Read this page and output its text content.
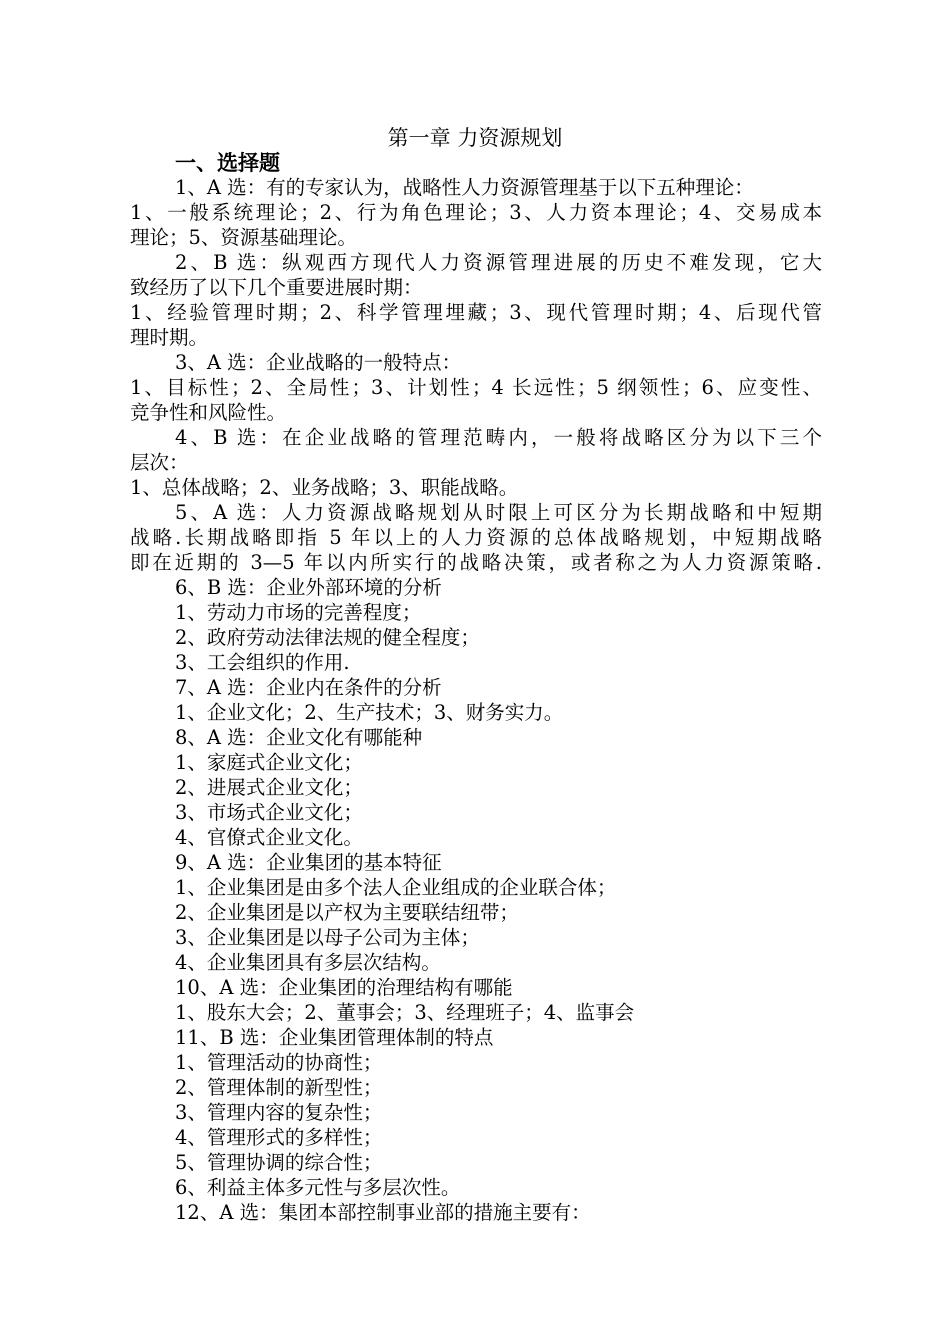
第一章 力资源规划
一、选择题
1、A 选：有的专家认为，战略性人力资源管理基于以下五种理论：
1、一般系统理论；2、行为角色理论；3、人力资本理论；4、交易成本
理论；5、资源基础理论。
2、B 选：纵观西方现代人力资源管理进展的历史不难发现，它大
致经历了以下几个重要进展时期：
1、经验管理时期；2、科学管理埋藏；3、现代管理时期；4、后现代管
理时期。
3、A 选：企业战略的一般特点：
1、目标性；2、全局性；3、计划性；4 长远性；5 纲领性；6、应变性、
竞争性和风险性。
4、B 选：在企业战略的管理范畴内，一般将战略区分为以下三个
层次：
1、总体战略；2、业务战略；3、职能战略。
5、A 选：人力资源战略规划从时限上可区分为长期战略和中短期
战略.长期战略即指 5 年以上的人力资源的总体战略规划，中短期战略
即在近期的 3—5 年以内所实行的战略决策，或者称之为人力资源策略.
6、B 选：企业外部环境的分析
1、劳动力市场的完善程度；
2、政府劳动法律法规的健全程度；
3、工会组织的作用.
7、A 选：企业内在条件的分析
1、企业文化；2、生产技术；3、财务实力。
8、A 选：企业文化有哪能种
1、家庭式企业文化；
2、进展式企业文化；
3、市场式企业文化；
4、官僚式企业文化。
9、A 选：企业集团的基本特征
1、企业集团是由多个法人企业组成的企业联合体；
2、企业集团是以产权为主要联结纽带；
3、企业集团是以母子公司为主体；
4、企业集团具有多层次结构。
10、A 选：企业集团的治理结构有哪能
1、股东大会；2、董事会；3、经理班子；4、监事会
11、B 选：企业集团管理体制的特点
1、管理活动的协商性；
2、管理体制的新型性；
3、管理内容的复杂性；
4、管理形式的多样性；
5、管理协调的综合性；
6、利益主体多元性与多层次性。
12、A 选：集团本部控制事业部的措施主要有：
